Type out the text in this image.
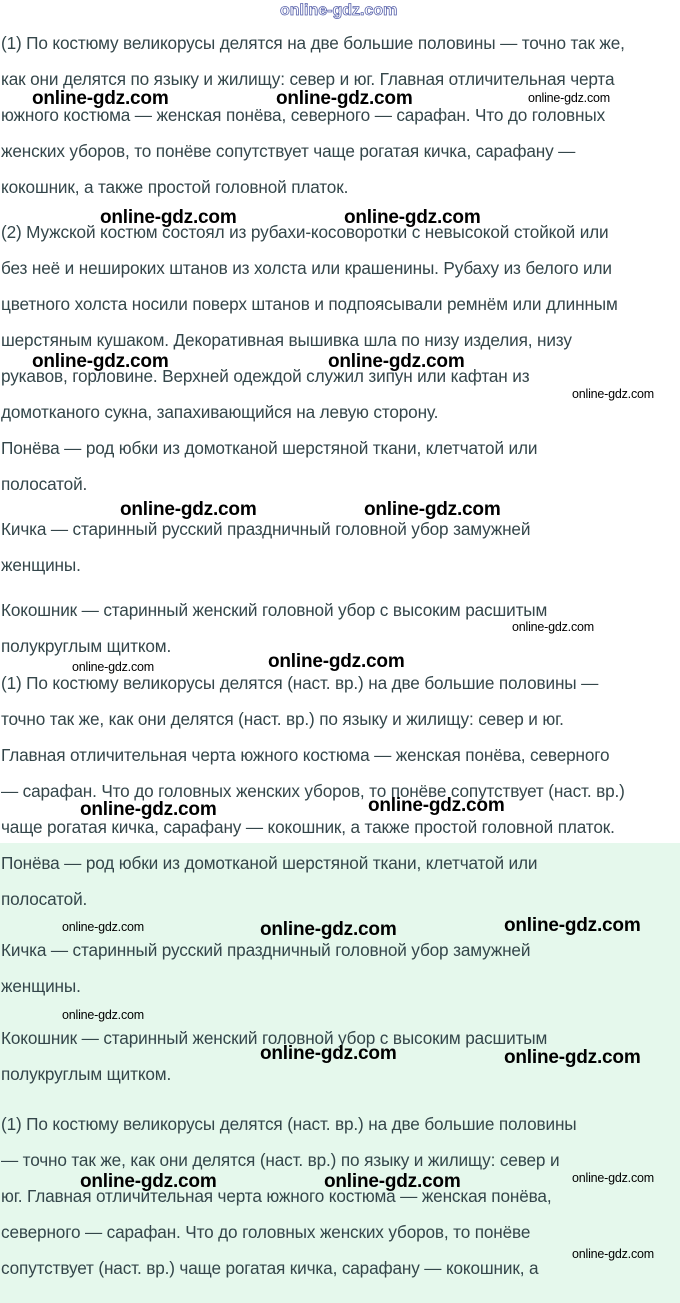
(1) По костюму великорусы делятся на две большие половины — точно так же,
как они делятся по языку и жилищу: север и юг. Главная отличительная черта
южного костюма — женская понёва, северного — сарафан. Что до головных
женских уборов, то понёве сопутствует чаще рогатая кичка, сарафану —
кокошник, а также простой головной платок.

(2) Мужской костюм состоял из рубахи-косоворотки с невысокой стойкой или
без неё и нешироких штанов из холста или крашенины. Рубаху из белого или
цветного холста носили поверх штанов и подпоясывали ремнём или длинным
шерстяным кушаком. Декоративная вышивка шла по низу изделия, низу
рукавов, горловине. Верхней одеждой служил зипун или кафтан из
домотканого сукна, запахивающийся на левую сторону.

Понёва — род юбки из домотканой шерстяной ткани, клетчатой или
полосатой.

Кичка — старинный русский праздничный головной убор замужней
женщины.

Кокошник — старинный женский головной убор с высоким расшитым
полукруглым щитком.

(1) По костюму великорусы делятся (наст. вр.) на две большие половины —
точно так же, как они делятся (наст. вр.) по языку и жилищу: север и юг.
Главная отличительная черта южного костюма — женская понёва, северного
— сарафан. Что до головных женских уборов, то понёве сопутствует (наст. вр.)
чаще рогатая кичка, сарафану — кокошник, а также простой головной платок.

Понёва — род юбки из домотканой шерстяной ткани, клетчатой или
полосатой.

Кичка — старинный русский праздничный головной убор замужней
женщины.

Кокошник — старинный женский головной убор с высоким расшитым
полукруглым щитком.

(1) По костюму великорусы делятся (наст. вр.) на две большие половины
— точно так же, как они делятся (наст. вр.) по языку и жилищу: север и
юг. Главная отличительная черта южного костюма — женская понёва,
северного — сарафан. Что до головных женских уборов, то понёве
сопутствует (наст. вр.) чаще рогатая кичка, сарафану — кокошник, а

online-gdz.com
online-gdz.com	online-gdz.com	online-gdz.com
online-gdz.com	online-gdz.com
online-gdz.com	online-gdz.com
online-gdz.com
online-gdz.com	online-gdz.com
online-gdz.com
online-gdz.com	online-gdz.com
online-gdz.com	online-gdz.com
online-gdz.com	online-gdz.com	online-gdz.com
online-gdz.com
online-gdz.com	online-gdz.com
online-gdz.com	online-gdz.com	online-gdz.com
online-gdz.com
